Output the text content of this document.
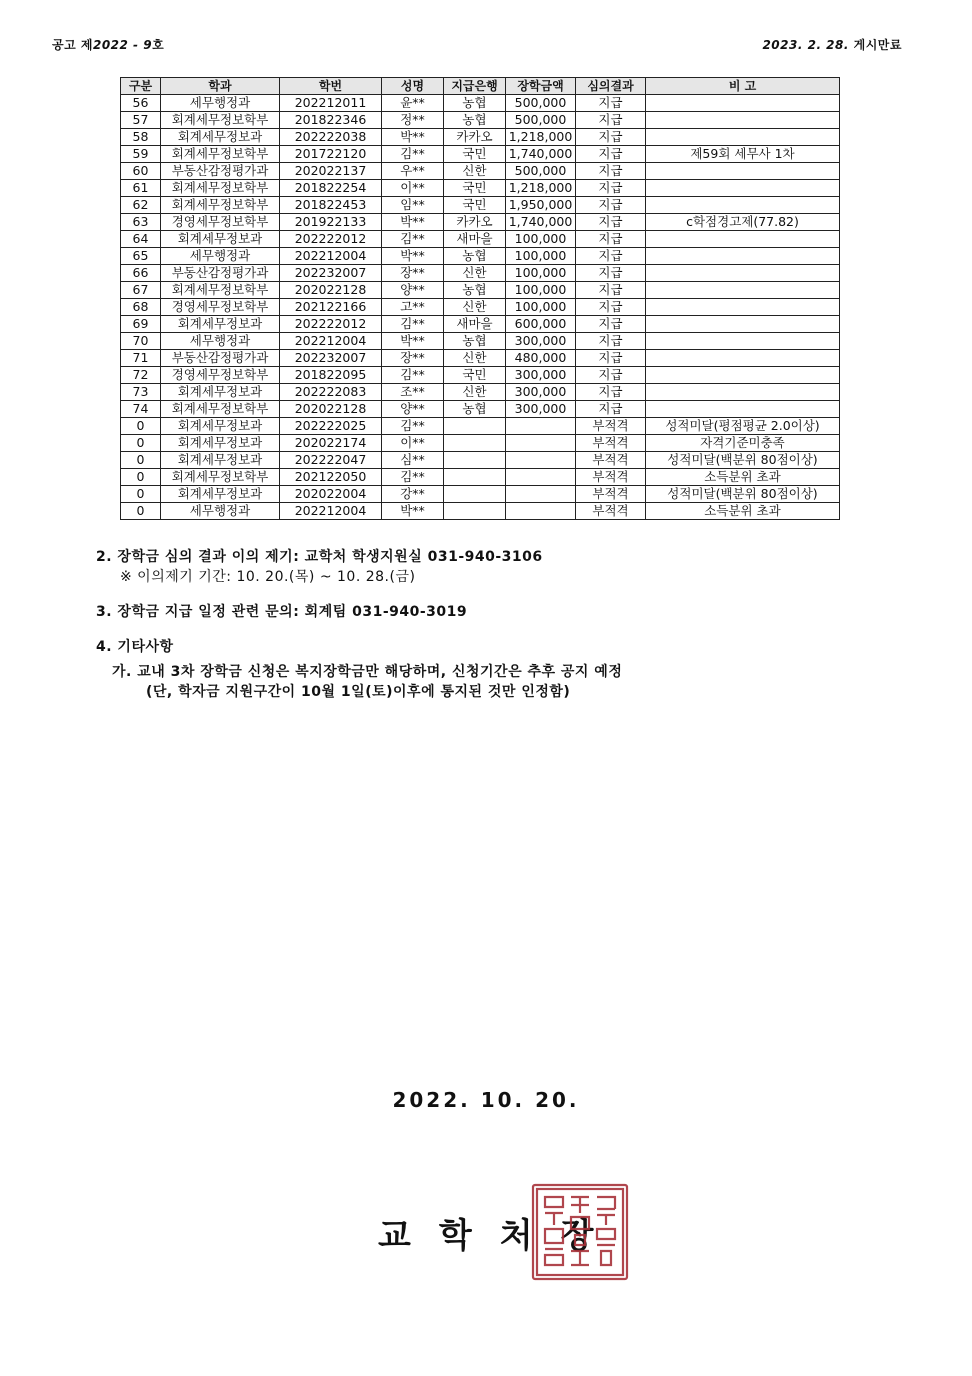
공고 제2022 - 9호	2023. 2. 28. 게시만료
구분	학과	학번	성명	지급은행	장학금액	심의결과	비 고
56	세무행정과	202212011	윤**	농협	500,000	지급	
57	회계세무정보학부	201822346	정**	농협	500,000	지급	
58	회계세무정보과	202222038	박**	카카오	1,218,000	지급	
59	회계세무정보학부	201722120	김**	국민	1,740,000	지급	제59회 세무사 1차
60	부동산감정평가과	202022137	우**	신한	500,000	지급	
61	회계세무정보학부	201822254	이**	국민	1,218,000	지급	
62	회계세무정보학부	201822453	임**	국민	1,950,000	지급	
63	경영세무정보학부	201922133	박**	카카오	1,740,000	지급	c학점경고제(77.82)
64	회계세무정보과	202222012	김**	새마을	100,000	지급	
65	세무행정과	202212004	박**	농협	100,000	지급	
66	부동산감정평가과	202232007	장**	신한	100,000	지급	
67	회계세무정보학부	202022128	양**	농협	100,000	지급	
68	경영세무정보학부	202122166	고**	신한	100,000	지급	
69	회계세무정보과	202222012	김**	새마을	600,000	지급	
70	세무행정과	202212004	박**	농협	300,000	지급	
71	부동산감정평가과	202232007	장**	신한	480,000	지급	
72	경영세무정보학부	201822095	김**	국민	300,000	지급	
73	회계세무정보과	202222083	조**	신한	300,000	지급	
74	회계세무정보학부	202022128	양**	농협	300,000	지급	
0	회계세무정보과	202222025	김**			부적격	성적미달(평점평균 2.0이상)
0	회계세무정보과	202022174	이**			부적격	자격기준미충족
0	회계세무정보과	202222047	심**			부적격	성적미달(백분위 80점이상)
0	회계세무정보학부	202122050	김**			부적격	소득분위 초과
0	회계세무정보과	202022004	강**			부적격	성적미달(백분위 80점이상)
0	세무행정과	202212004	박**			부적격	소득분위 초과
2. 장학금 심의 결과 이의 제기: 교학처 학생지원실 031-940-3106
※ 이의제기 기간: 10. 20.(목) ~ 10. 28.(금)
3. 장학금 지급 일정 관련 문의: 회계팀 031-940-3019
4. 기타사항
가. 교내 3차 장학금 신청은 복지장학금만 해당하며, 신청기간은 추후 공지 예정
(단, 학자금 지원구간이 10월 1일(토)이후에 통지된 것만 인정함)
2022. 10. 20.
교 학 처 장
